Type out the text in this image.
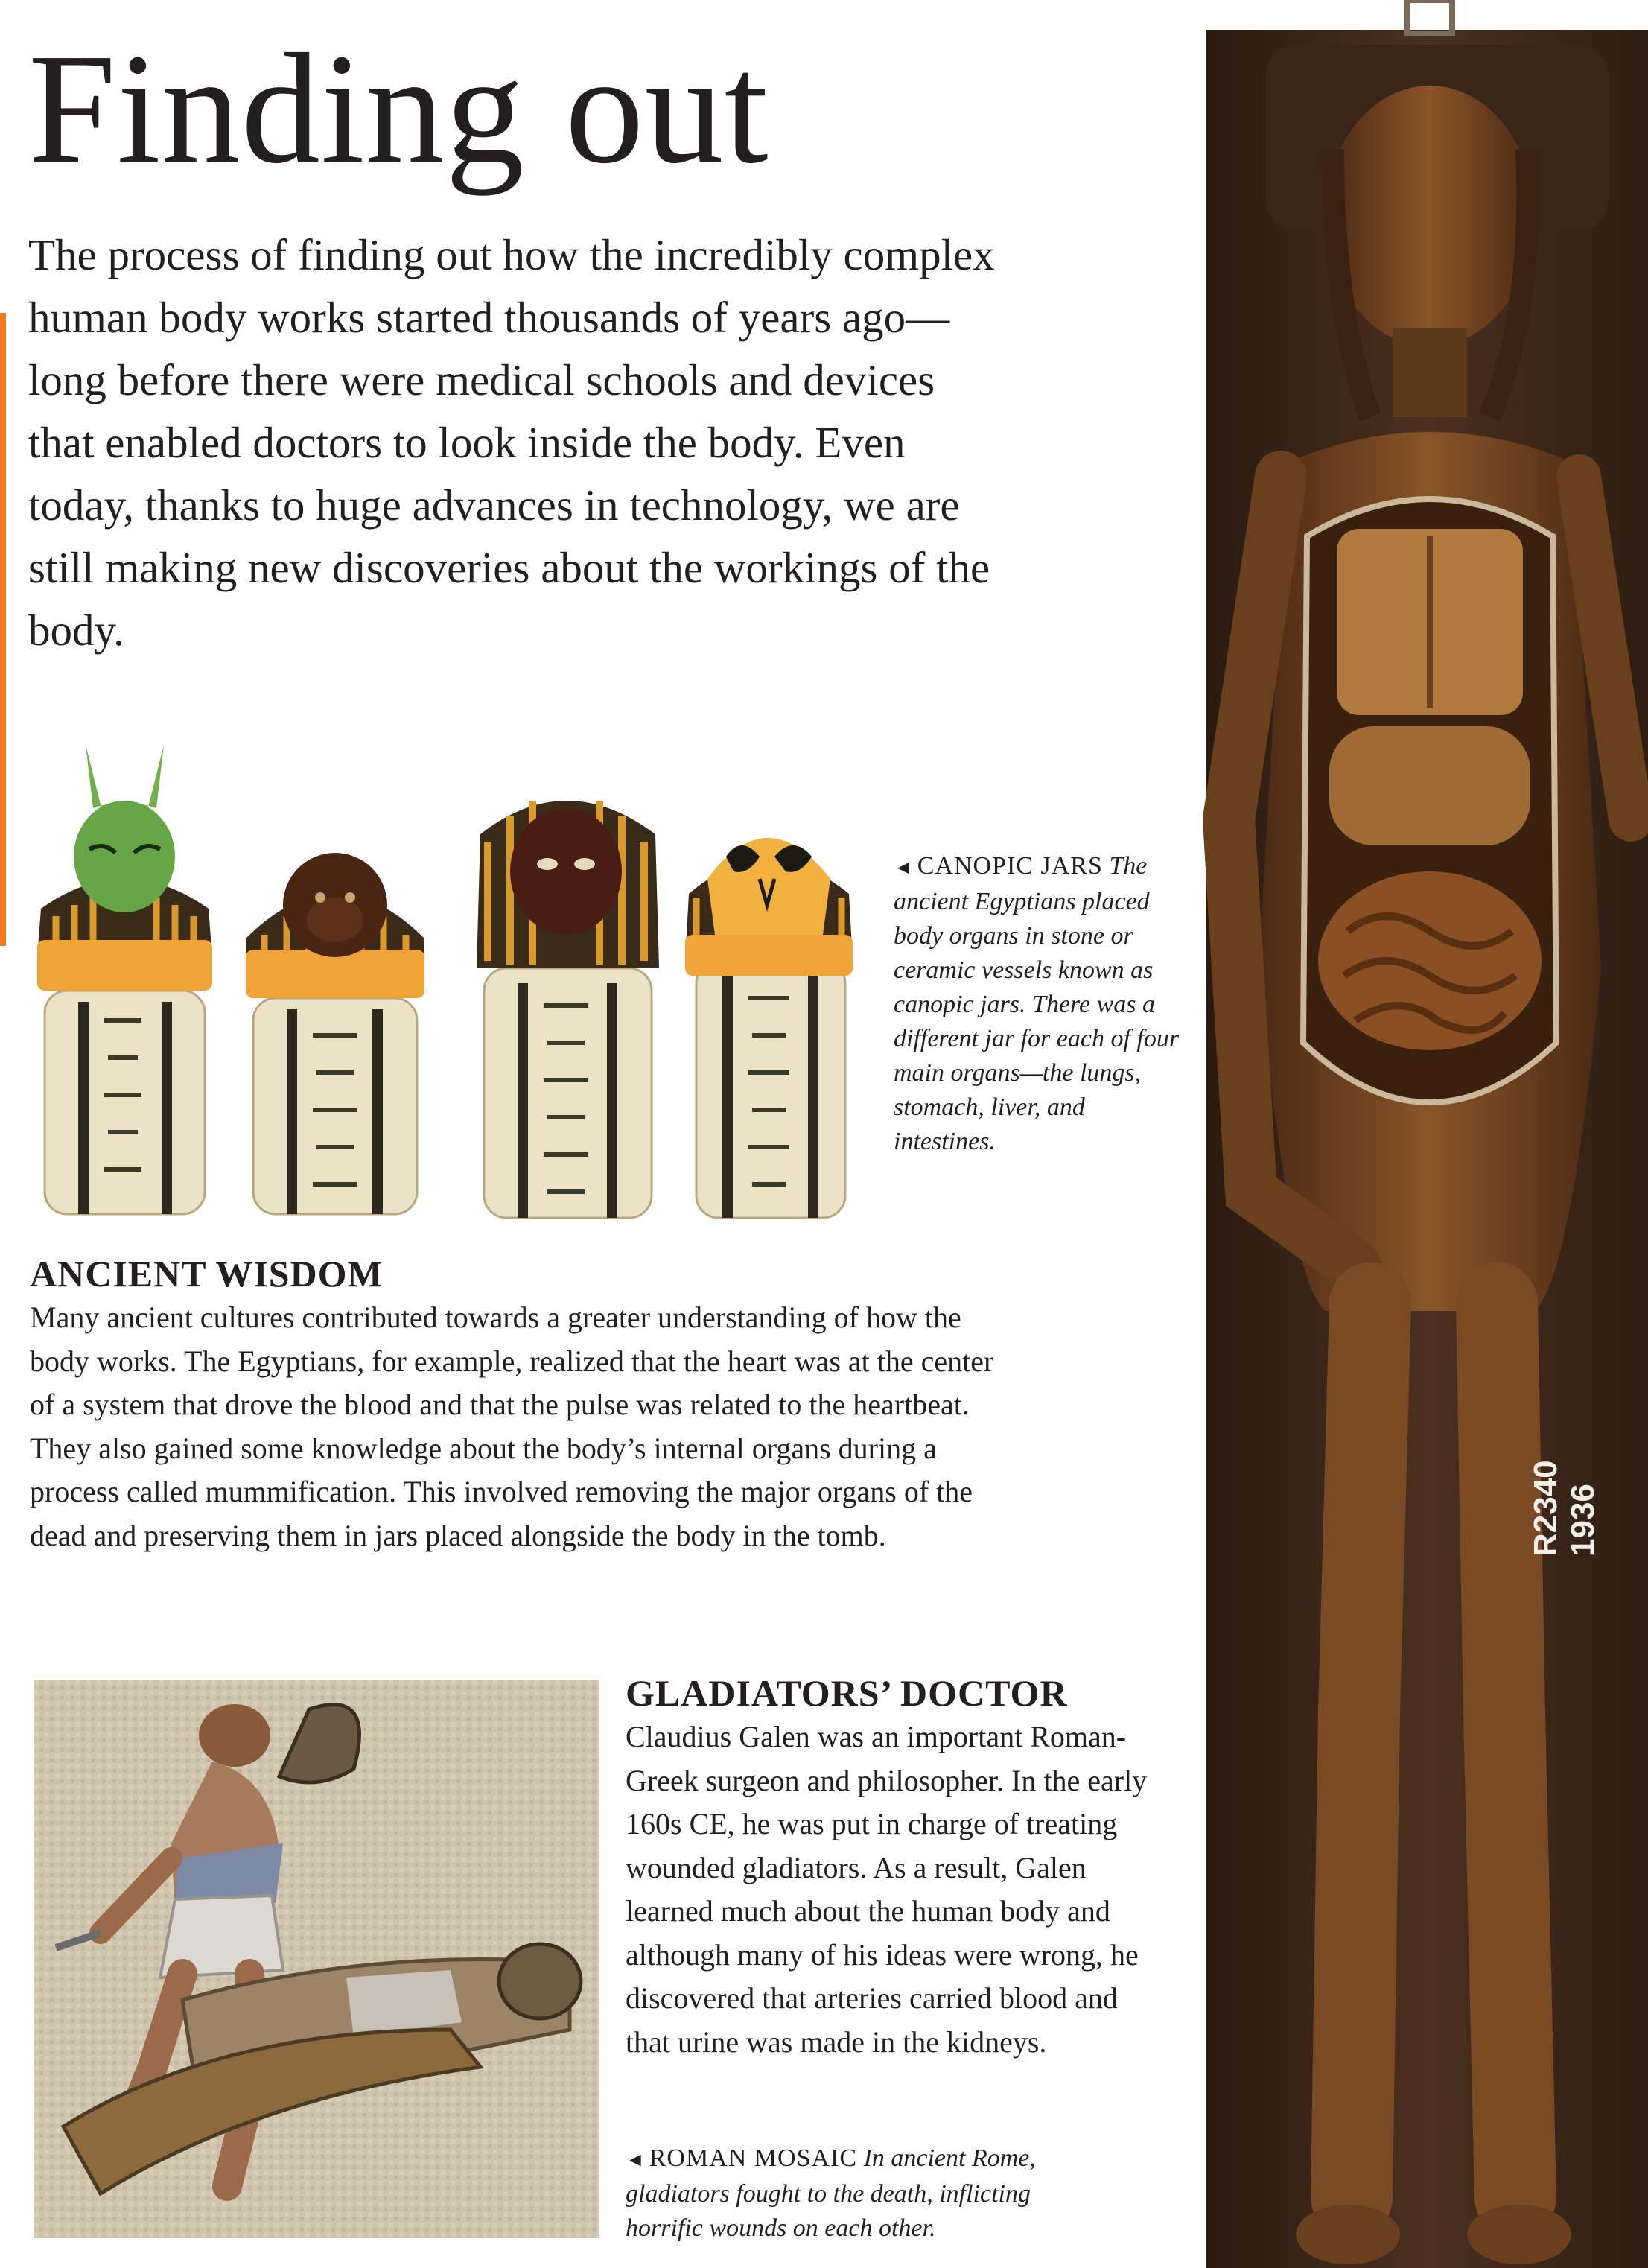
Finding out

The process of finding out how the incredibly complex human body works started thousands of years ago—long before there were medical schools and devices that enabled doctors to look inside the body. Even today, thanks to huge advances in technology, we are still making new discoveries about the workings of the body.

◄ CANOPIC JARS The ancient Egyptians placed body organs in stone or ceramic vessels known as canopic jars. There was a different jar for each of four main organs—the lungs, stomach, liver, and intestines.

ANCIENT WISDOM

Many ancient cultures contributed towards a greater understanding of how the body works. The Egyptians, for example, realized that the heart was at the center of a system that drove the blood and that the pulse was related to the heartbeat. They also gained some knowledge about the body’s internal organs during a process called mummification. This involved removing the major organs of the dead and preserving them in jars placed alongside the body in the tomb.

GLADIATORS’ DOCTOR

Claudius Galen was an important Roman-Greek surgeon and philosopher. In the early 160s CE, he was put in charge of treating wounded gladiators. As a result, Galen learned much about the human body and although many of his ideas were wrong, he discovered that arteries carried blood and that urine was made in the kidneys.

◄ ROMAN MOSAIC In ancient Rome, gladiators fought to the death, inflicting horrific wounds on each other.

R2340 1936
